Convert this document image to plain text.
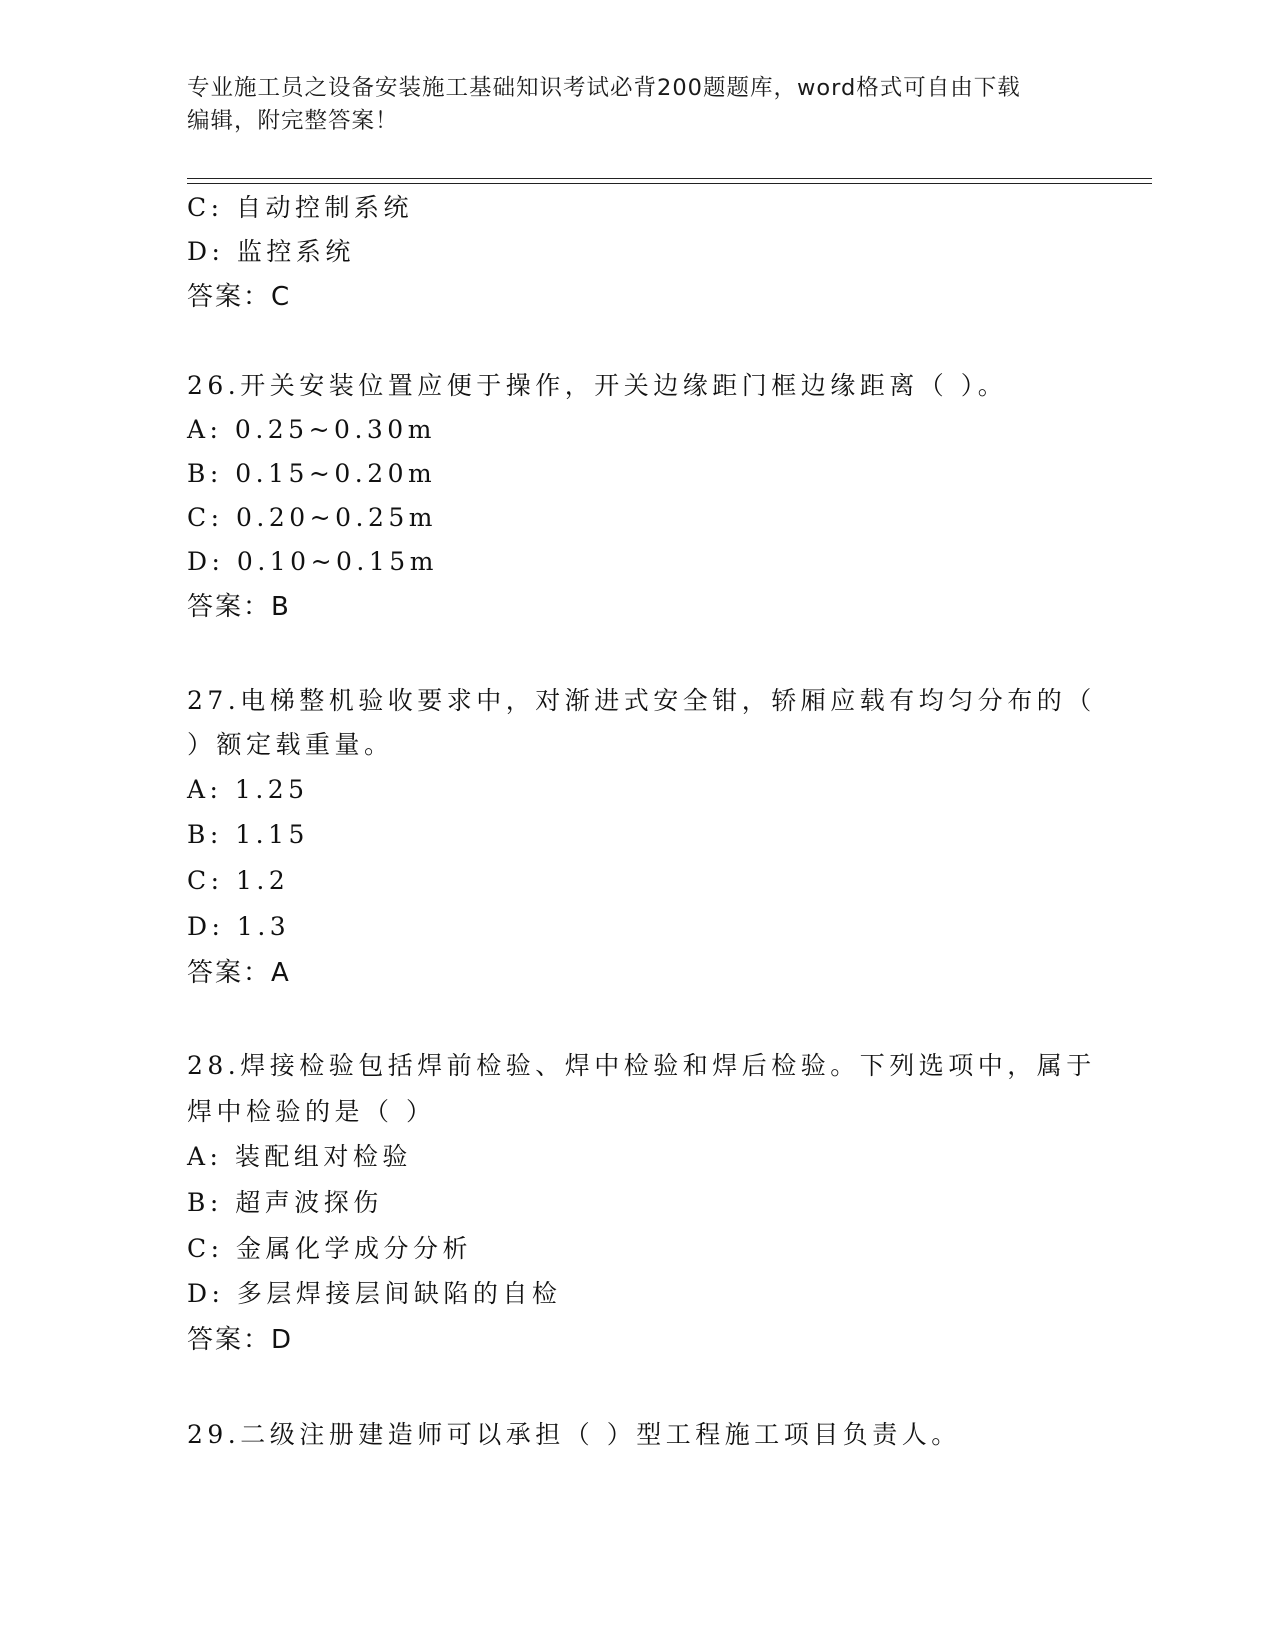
专业施工员之设备安装施工基础知识考试必背200题题库，word格式可自由下载

编辑，附完整答案！

C: 自动控制系统

D: 监控系统

答案：C

26.开关安装位置应便于操作，开关边缘距门框边缘距离（ ）。

A: 0.25~0.30m

B: 0.15~0.20m

C: 0.20~0.25m

D: 0.10~0.15m

答案：B

27.电梯整机验收要求中，对渐进式安全钳，轿厢应载有均匀分布的（

）额定载重量。

A: 1.25

B: 1.15

C: 1.2

D: 1.3

答案：A

28.焊接检验包括焊前检验、焊中检验和焊后检验。下列选项中，属于

焊中检验的是（ ）

A: 装配组对检验

B: 超声波探伤

C: 金属化学成分分析

D: 多层焊接层间缺陷的自检

答案：D

29.二级注册建造师可以承担（ ）型工程施工项目负责人。
